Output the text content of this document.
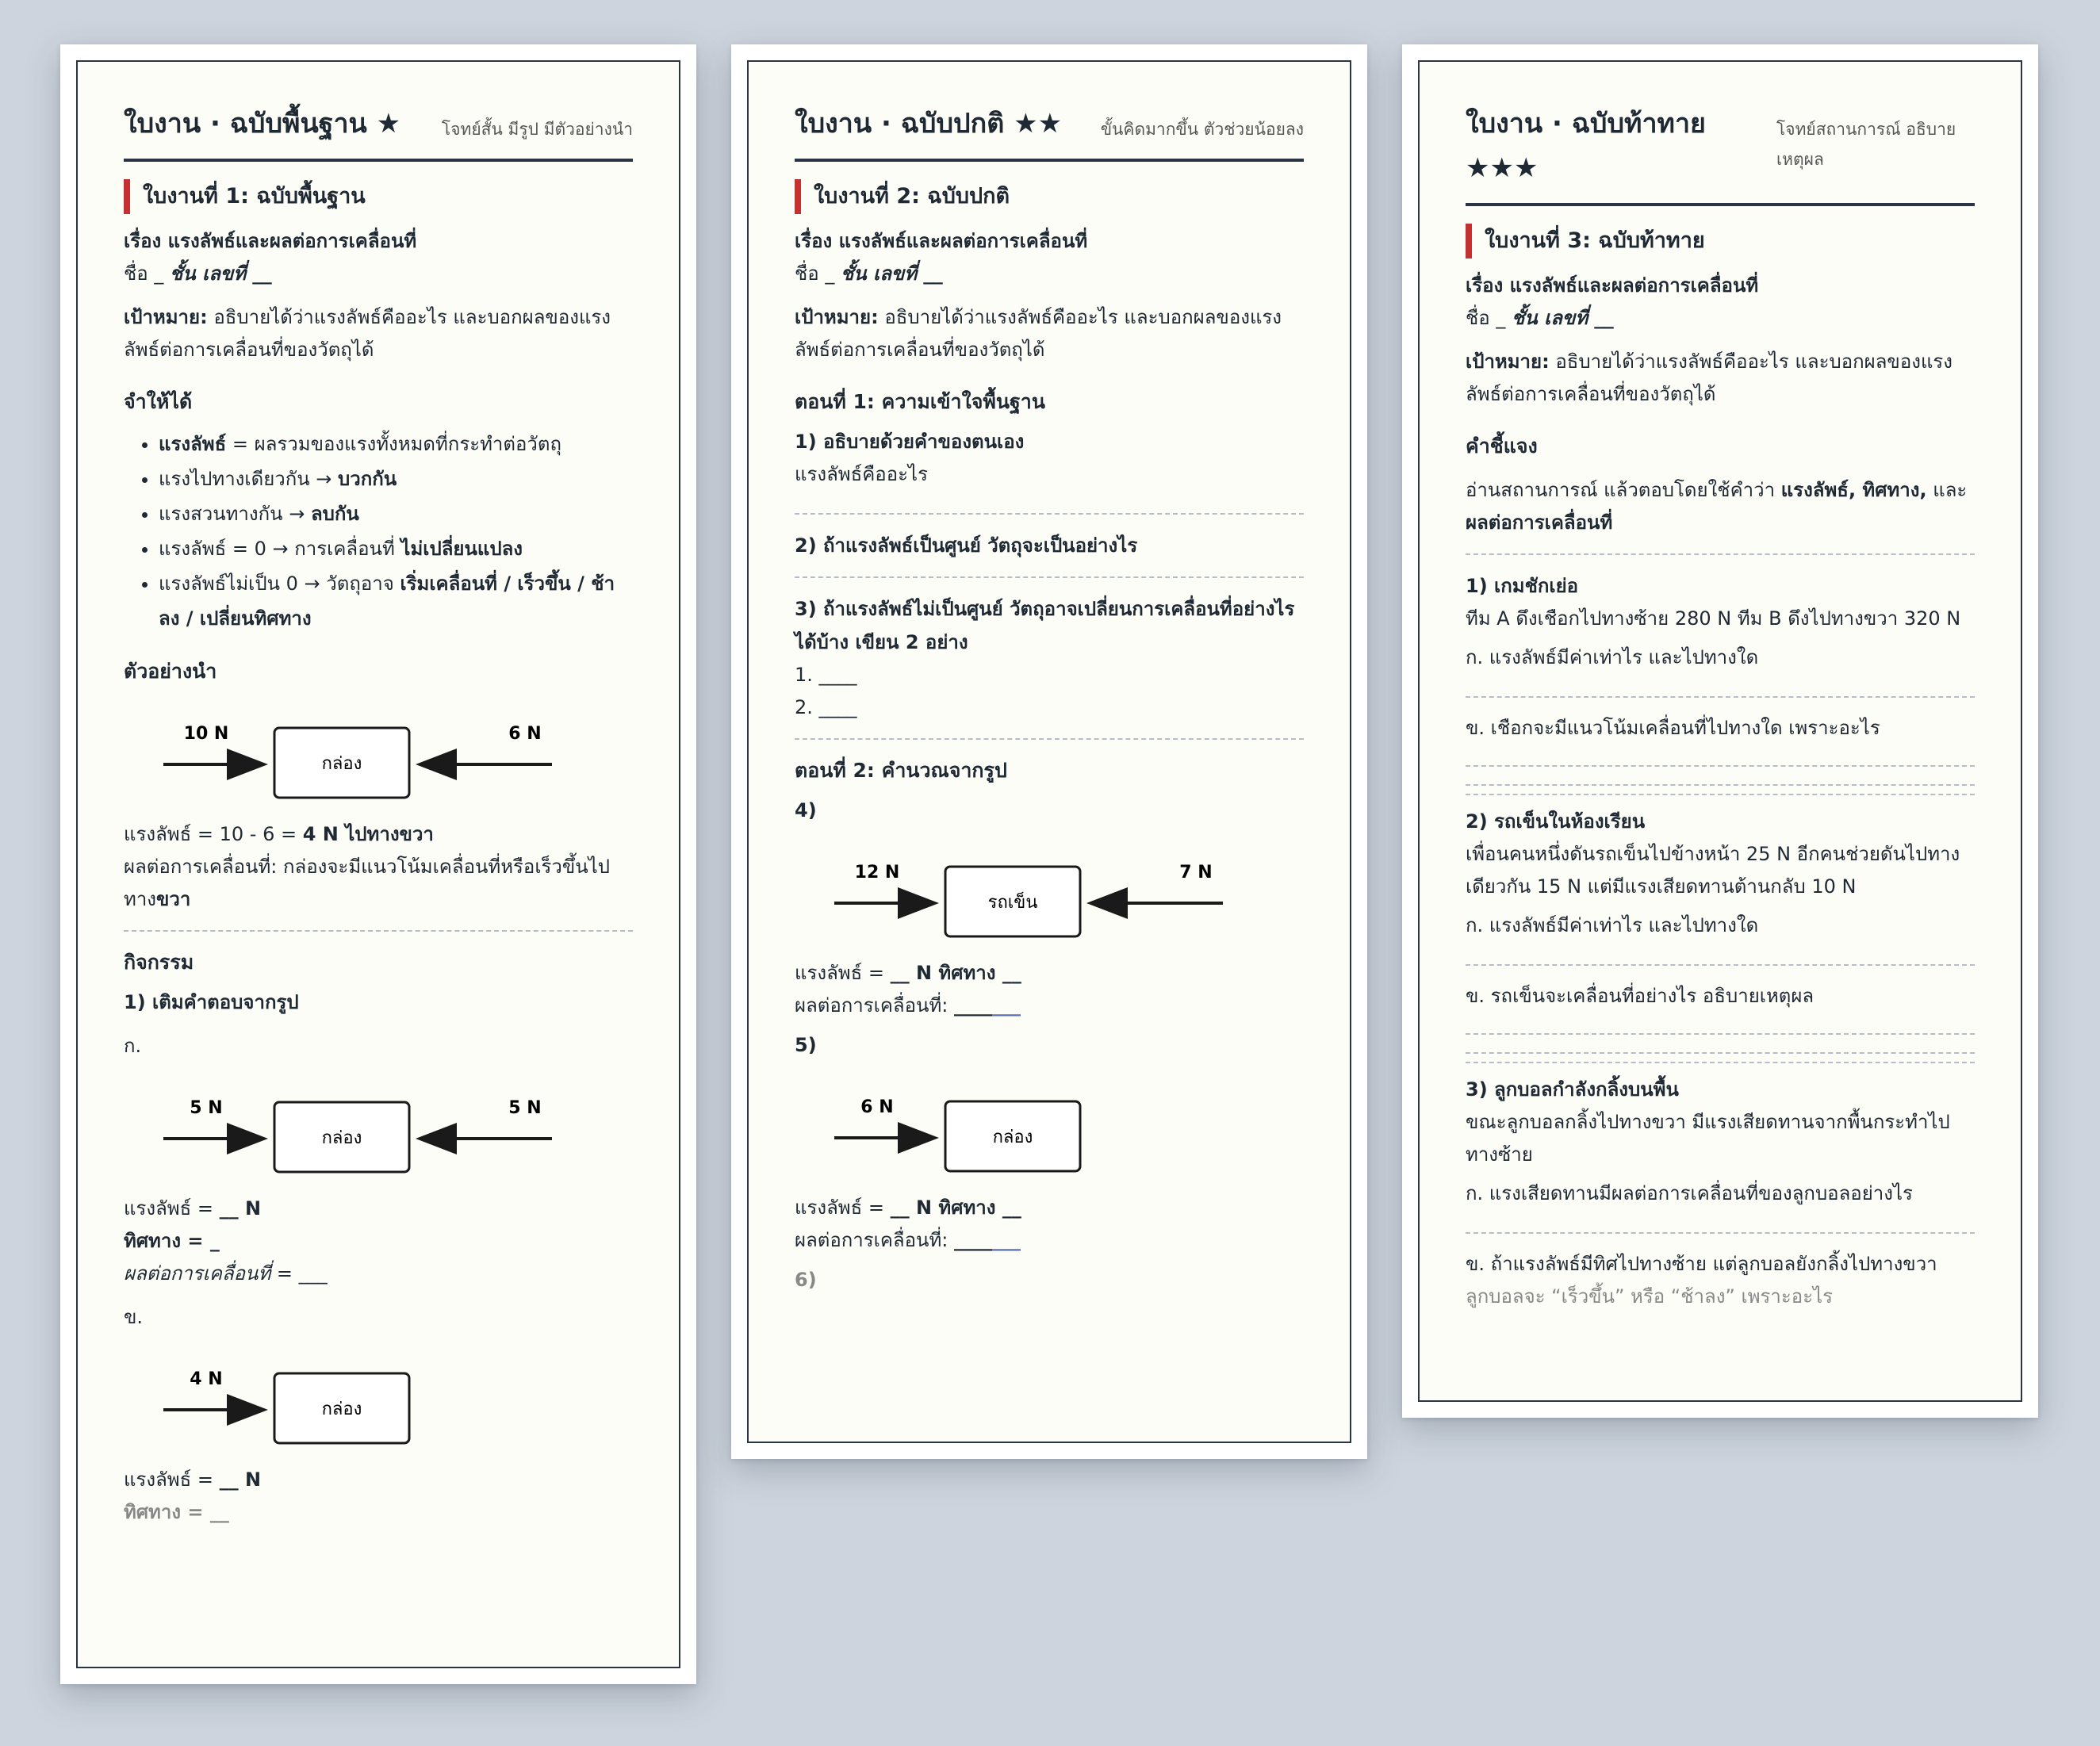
ใบงาน · ฉบับพื้นฐาน ★ โจทย์สั้น มีรูป มีตัวอย่างนำ
ใบงานที่ 1: ฉบับพื้นฐาน
เรื่อง แรงลัพธ์และผลต่อการเคลื่อนที่
ชื่อ _ ชั้น เลขที่ __
เป้าหมาย: อธิบายได้ว่าแรงลัพธ์คืออะไร และบอกผลของแรงลัพธ์ต่อการเคลื่อนที่ของวัตถุได้
จำให้ได้
• แรงลัพธ์ = ผลรวมของแรงทั้งหมดที่กระทำต่อวัตถุ
• แรงไปทางเดียวกัน → บวกกัน
• แรงสวนทางกัน → ลบกัน
• แรงลัพธ์ = 0 → การเคลื่อนที่ ไม่เปลี่ยนแปลง
• แรงลัพธ์ไม่เป็น 0 → วัตถุอาจ เริ่มเคลื่อนที่ / เร็วขึ้น / ช้าลง / เปลี่ยนทิศทาง
ตัวอย่างนำ
10 N
กล่อง
6 N
แรงลัพธ์ = 10 - 6 = 4 N ไปทางขวา
ผลต่อการเคลื่อนที่: กล่องจะมีแนวโน้มเคลื่อนที่หรือเร็วขึ้นไปทางขวา
กิจกรรม
1) เติมคำตอบจากรูป
ก.
5 N
กล่อง
5 N
แรงลัพธ์ = __ N
ทิศทาง = _
ผลต่อการเคลื่อนที่ = ___
ข.
4 N
กล่อง
แรงลัพธ์ = __ N
ทิศทาง = __
ใบงาน · ฉบับปกติ ★★ ขั้นคิดมากขึ้น ตัวช่วยน้อยลง
ใบงานที่ 2: ฉบับปกติ
เรื่อง แรงลัพธ์และผลต่อการเคลื่อนที่
ชื่อ _ ชั้น เลขที่ __
เป้าหมาย: อธิบายได้ว่าแรงลัพธ์คืออะไร และบอกผลของแรงลัพธ์ต่อการเคลื่อนที่ของวัตถุได้
ตอนที่ 1: ความเข้าใจพื้นฐาน
1) อธิบายด้วยคำของตนเอง
แรงลัพธ์คืออะไร
2) ถ้าแรงลัพธ์เป็นศูนย์ วัตถุจะเป็นอย่างไร
3) ถ้าแรงลัพธ์ไม่เป็นศูนย์ วัตถุอาจเปลี่ยนการเคลื่อนที่อย่างไรได้บ้าง เขียน 2 อย่าง
1. ____
2. ____
ตอนที่ 2: คำนวณจากรูป
4)
12 N
รถเข็น
7 N
แรงลัพธ์ = __ N ทิศทาง __
ผลต่อการเคลื่อนที่: _______
5)
6 N
กล่อง
แรงลัพธ์ = __ N ทิศทาง __
ผลต่อการเคลื่อนที่: _______
6)
ใบงาน · ฉบับท้าทาย
★★★
โจทย์สถานการณ์ อธิบายเหตุผล
ใบงานที่ 3: ฉบับท้าทาย
เรื่อง แรงลัพธ์และผลต่อการเคลื่อนที่
ชื่อ _ ชั้น เลขที่ __
เป้าหมาย: อธิบายได้ว่าแรงลัพธ์คืออะไร และบอกผลของแรงลัพธ์ต่อการเคลื่อนที่ของวัตถุได้
คำชี้แจง
อ่านสถานการณ์ แล้วตอบโดยใช้คำว่า แรงลัพธ์, ทิศทาง, และ ผลต่อการเคลื่อนที่
1) เกมชักเย่อ
ทีม A ดึงเชือกไปทางซ้าย 280 N ทีม B ดึงไปทางขวา 320 N
ก. แรงลัพธ์มีค่าเท่าไร และไปทางใด
ข. เชือกจะมีแนวโน้มเคลื่อนที่ไปทางใด เพราะอะไร
2) รถเข็นในห้องเรียน
เพื่อนคนหนึ่งดันรถเข็นไปข้างหน้า 25 N อีกคนช่วยดันไปทางเดียวกัน 15 N แต่มีแรงเสียดทานต้านกลับ 10 N
ก. แรงลัพธ์มีค่าเท่าไร และไปทางใด
ข. รถเข็นจะเคลื่อนที่อย่างไร อธิบายเหตุผล
3) ลูกบอลกำลังกลิ้งบนพื้น
ขณะลูกบอลกลิ้งไปทางขวา มีแรงเสียดทานจากพื้นกระทำไปทางซ้าย
ก. แรงเสียดทานมีผลต่อการเคลื่อนที่ของลูกบอลอย่างไร
ข. ถ้าแรงลัพธ์มีทิศไปทางซ้าย แต่ลูกบอลยังกลิ้งไปทางขวา
ลูกบอลจะ “เร็วขึ้น” หรือ “ช้าลง” เพราะอะไร
